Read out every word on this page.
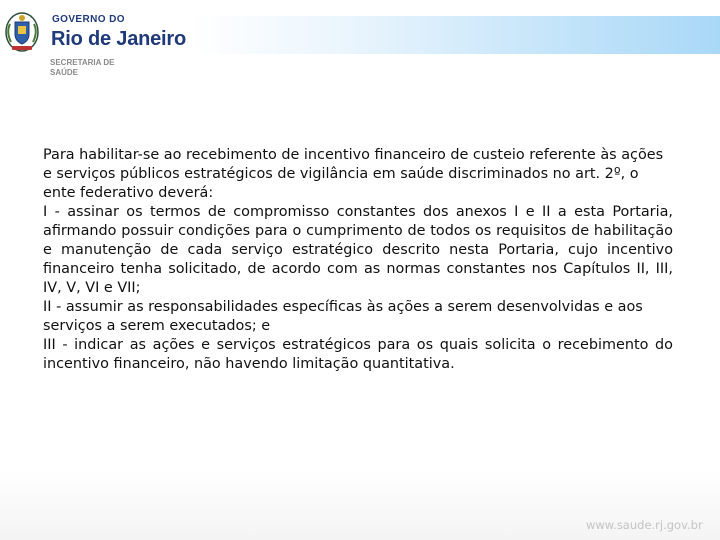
GOVERNO DO
Rio de Janeiro
SECRETARIA DE
SAÚDE

Para habilitar-se ao recebimento de incentivo financeiro de custeio referente às ações e serviços públicos estratégicos de vigilância em saúde discriminados no art. 2º, o ente federativo deverá:

I - assinar os termos de compromisso constantes dos anexos I e II a esta Portaria, afirmando possuir condições para o cumprimento de todos os requisitos de habilitação e manutenção de cada serviço estratégico descrito nesta Portaria, cujo incentivo financeiro tenha solicitado, de acordo com as normas constantes nos Capítulos II, III, IV, V, VI e VII;

II - assumir as responsabilidades específicas às ações a serem desenvolvidas e aos serviços a serem executados; e

III - indicar as ações e serviços estratégicos para os quais solicita o recebimento do incentivo financeiro, não havendo limitação quantitativa.

www.saude.rj.gov.br
